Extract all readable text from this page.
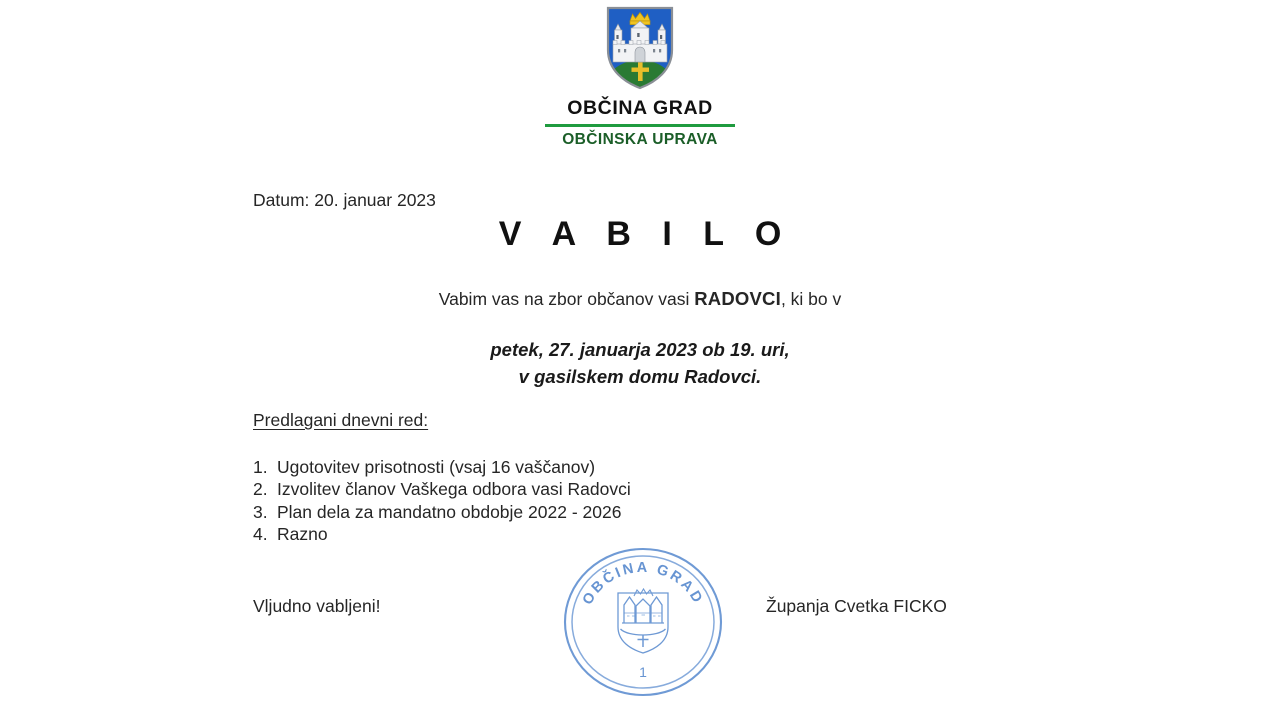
OBČINA GRAD
OBČINSKA UPRAVA
Datum: 20. januar 2023
V A B I L O
Vabim vas na zbor občanov vasi RADOVCI, ki bo v
petek, 27. januarja 2023 ob 19. uri,
v gasilskem domu Radovci.
Predlagani dnevni red:
1. Ugotovitev prisotnosti (vsaj 16 vaščanov)
2. Izvolitev članov Vaškega odbora vasi Radovci
3. Plan dela za mandatno obdobje 2022 - 2026
4. Razno
Vljudno vabljeni!	Županja Cvetka FICKO
OBČINA GRAD
1
